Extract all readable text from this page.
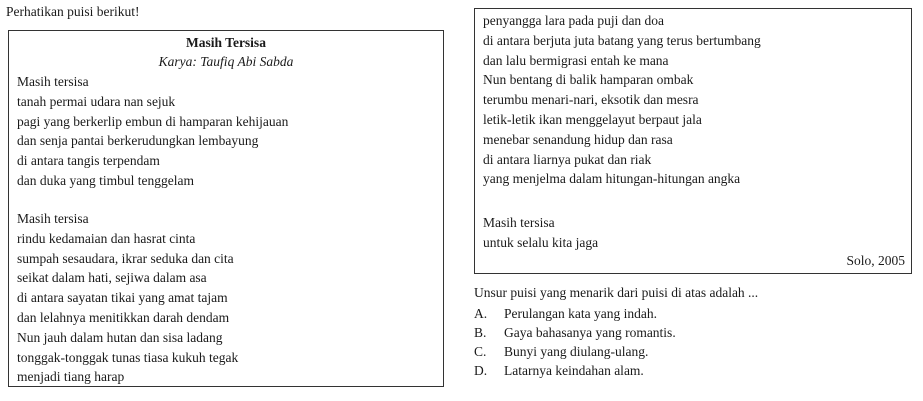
Perhatikan puisi berikut!
Masih Tersisa
Karya: Taufiq Abi Sabda
Masih tersisa
tanah permai udara nan sejuk
pagi yang berkerlip embun di hamparan kehijauan
dan senja pantai berkerudungkan lembayung
di antara tangis terpendam
dan duka yang timbul tenggelam
Masih tersisa
rindu kedamaian dan hasrat cinta
sumpah sesaudara, ikrar seduka dan cita
seikat dalam hati, sejiwa dalam asa
di antara sayatan tikai yang amat tajam
dan lelahnya menitikkan darah dendam
Nun jauh dalam hutan dan sisa ladang
tonggak-tonggak tunas tiasa kukuh tegak
menjadi tiang harap
penyangga lara pada puji dan doa
di antara berjuta juta batang yang terus bertumbang
dan lalu bermigrasi entah ke mana
Nun bentang di balik hamparan ombak
terumbu menari-nari, eksotik dan mesra
letik-letik ikan menggelayut berpaut jala
menebar senandung hidup dan rasa
di antara liarnya pukat dan riak
yang menjelma dalam hitungan-hitungan angka
Masih tersisa
untuk selalu kita jaga
Solo, 2005
Unsur puisi yang menarik dari puisi di atas adalah ...
A. Perulangan kata yang indah.
B. Gaya bahasanya yang romantis.
C. Bunyi yang diulang-ulang.
D. Latarnya keindahan alam.
